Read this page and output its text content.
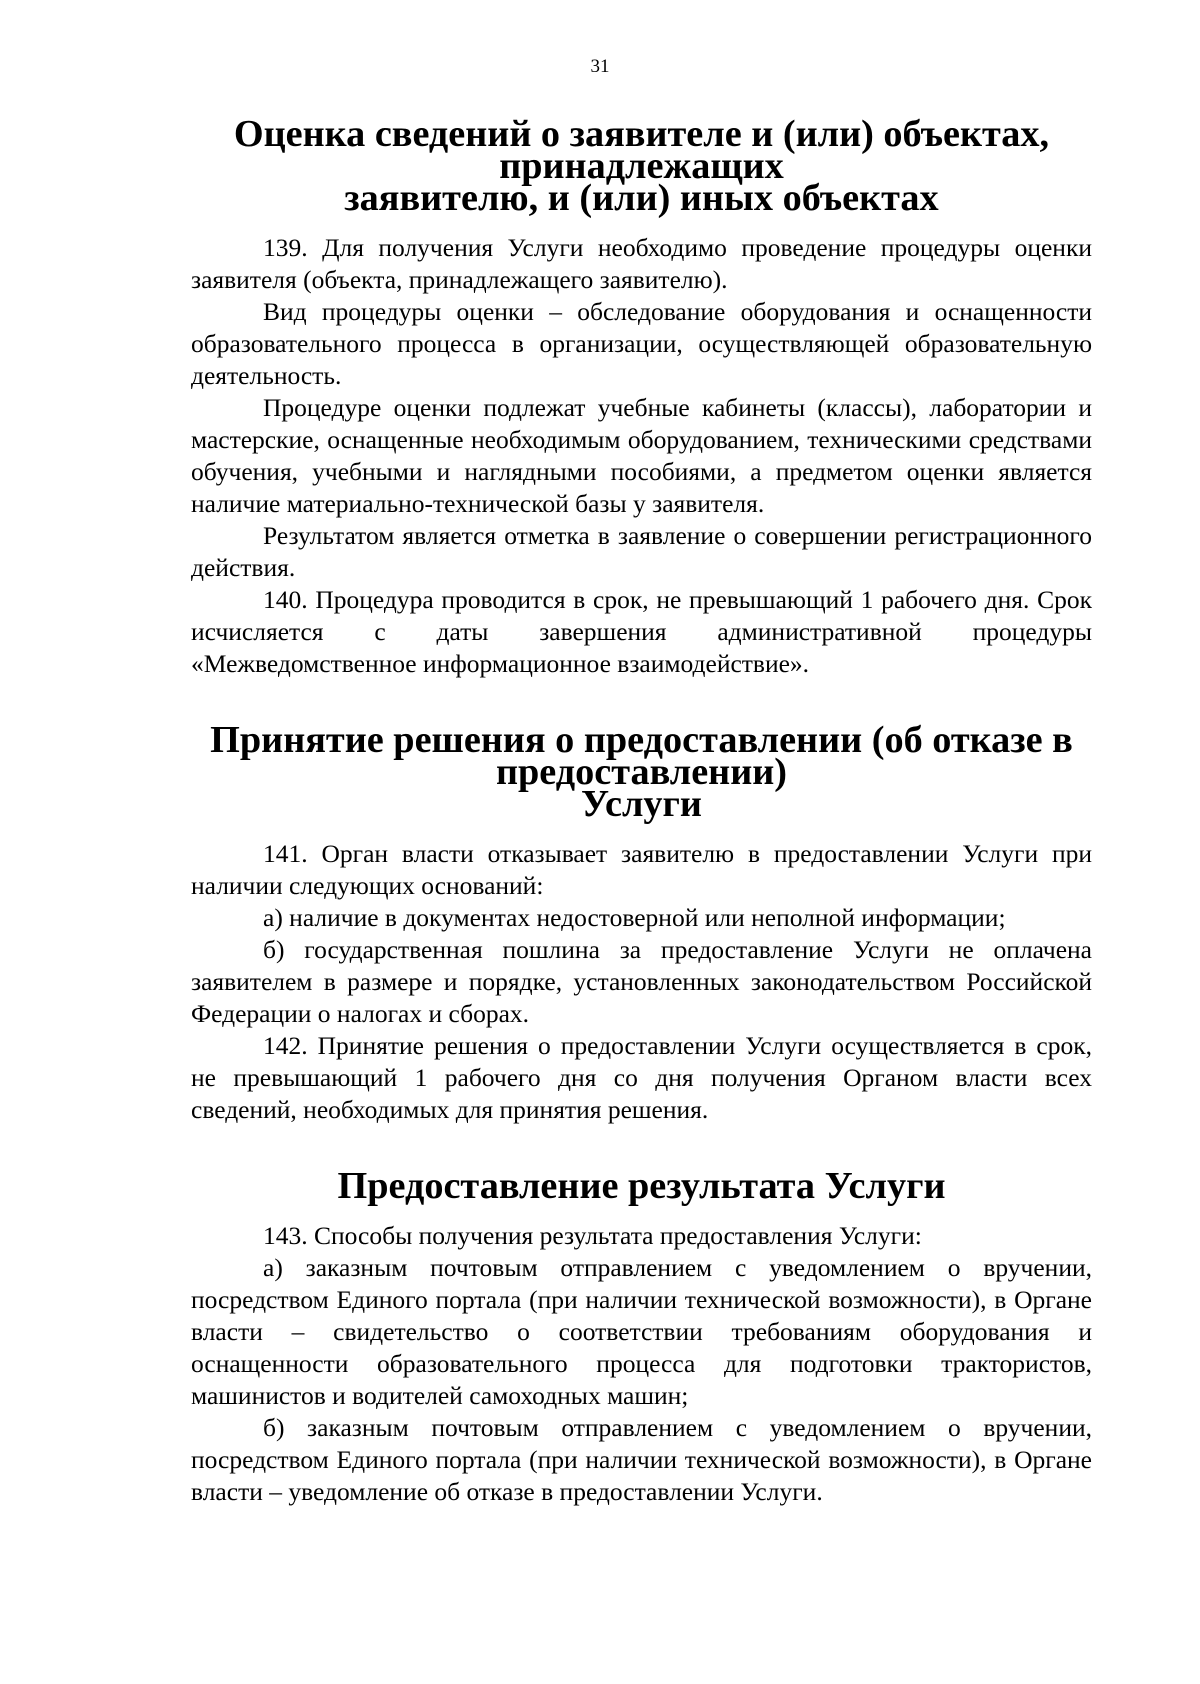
31
Оценка сведений о заявителе и (или) объектах, принадлежащих
заявителю, и (или) иных объектах

139. Для получения Услуги необходимо проведение процедуры оценки заявителя (объекта, принадлежащего заявителю).

Вид процедуры оценки – обследование оборудования и оснащенности образовательного процесса в организации, осуществляющей образовательную деятельность.

Процедуре оценки подлежат учебные кабинеты (классы), лаборатории и мастерские, оснащенные необходимым оборудованием, техническими средствами обучения, учебными и наглядными пособиями, а предметом оценки является наличие материально-технической базы у заявителя.

Результатом является отметка в заявление о совершении регистрационного действия.

140. Процедура проводится в срок, не превышающий 1 рабочего дня. Срок исчисляется с даты завершения административной процедуры «Межведомственное информационное взаимодействие».

Принятие решения о предоставлении (об отказе в предоставлении)
Услуги

141. Орган власти отказывает заявителю в предоставлении Услуги при наличии следующих оснований:

а) наличие в документах недостоверной или неполной информации;

б) государственная пошлина за предоставление Услуги не оплачена заявителем в размере и порядке, установленных законодательством Российской Федерации о налогах и сборах.

142. Принятие решения о предоставлении Услуги осуществляется в срок, не превышающий 1 рабочего дня со дня получения Органом власти всех сведений, необходимых для принятия решения.

Предоставление результата Услуги

143. Способы получения результата предоставления Услуги:

а) заказным почтовым отправлением с уведомлением о вручении, посредством Единого портала (при наличии технической возможности), в Органе власти – свидетельство о соответствии требованиям оборудования и оснащенности образовательного процесса для подготовки трактористов, машинистов и водителей самоходных машин;

б) заказным почтовым отправлением с уведомлением о вручении, посредством Единого портала (при наличии технической возможности), в Органе власти – уведомление об отказе в предоставлении Услуги.
